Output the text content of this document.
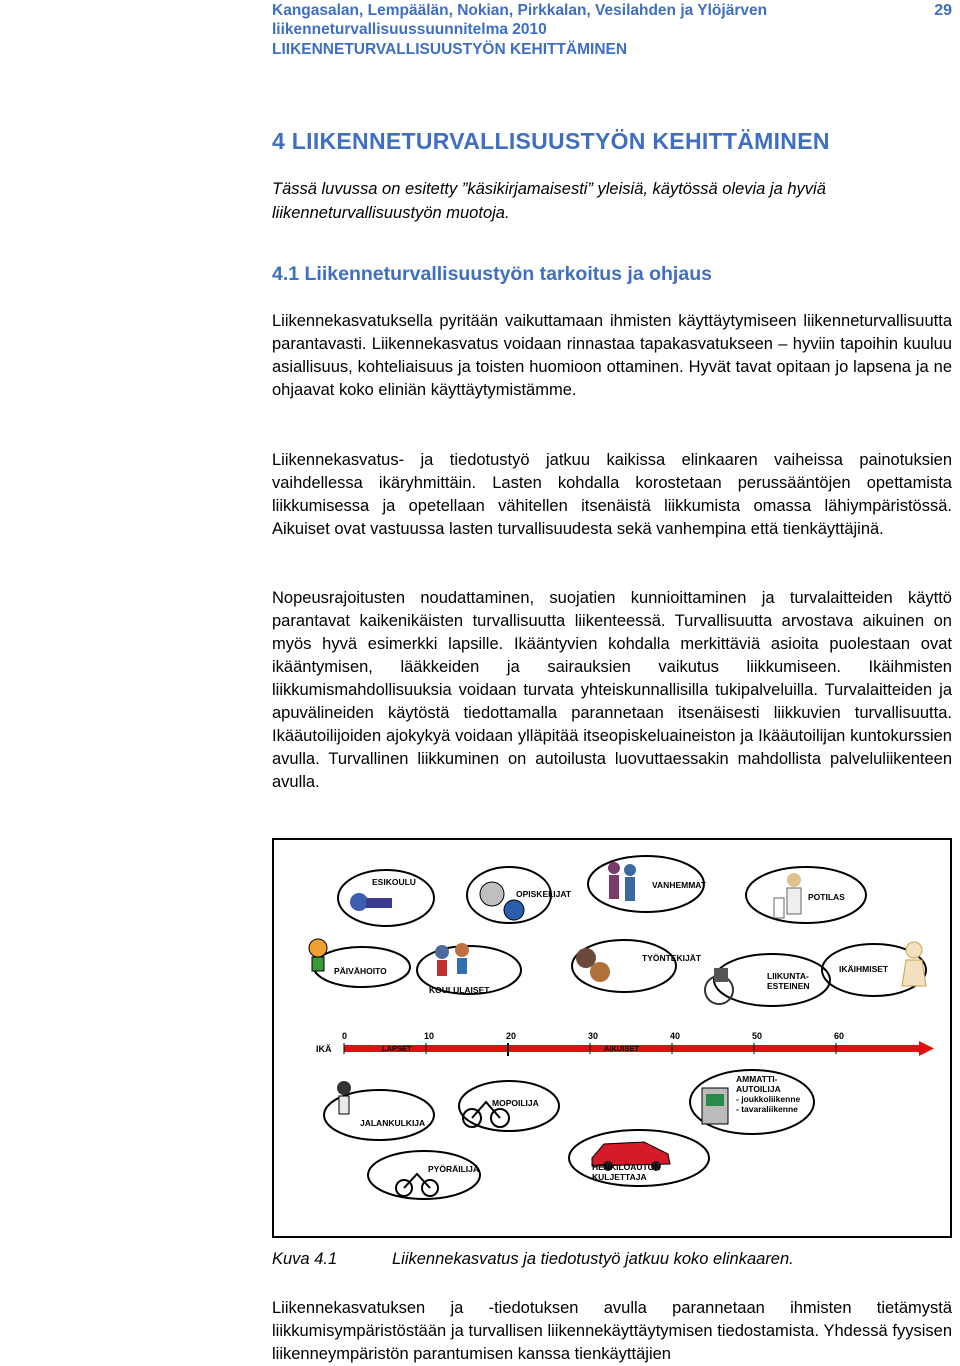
Kangasalan, Lempäälän, Nokian, Pirkkalan, Vesilahden ja Ylöjärven
liikenneturvallisuussuunnitelma 2010
LIIKENNETURVALLISUUSTYÖN KEHITTÄMINEN
29
4 LIIKENNETURVALLISUUSTYÖN KEHITTÄMINEN
Tässä luvussa on esitetty ”käsikirjamaisesti” yleisiä, käytössä olevia ja hyviä liikenneturvallisuustyön muotoja.
4.1 Liikenneturvallisuustyön tarkoitus ja ohjaus
Liikennekasvatuksella pyritään vaikuttamaan ihmisten käyttäytymiseen liikenneturvallisuutta parantavasti. Liikennekasvatus voidaan rinnastaa tapakasvatukseen – hyviin tapoihin kuuluu asiallisuus, kohteliaisuus ja toisten huomioon ottaminen. Hyvät tavat opitaan jo lapsena ja ne ohjaavat koko eliniän käyttäytymistämme.
Liikennekasvatus- ja tiedotustyö jatkuu kaikissa elinkaaren vaiheissa painotuksien vaihdellessa ikäryhmittäin. Lasten kohdalla korostetaan perussääntöjen opettamista liikkumisessa ja opetellaan vähitellen itsenäistä liikkumista omassa lähiympäristössä. Aikuiset ovat vastuussa lasten turvallisuudesta sekä vanhempina että tienkäyttäjinä.
Nopeusrajoitusten noudattaminen, suojatien kunnioittaminen ja turvalaitteiden käyttö parantavat kaikenikäisten turvallisuutta liikenteessä. Turvallisuutta arvostava aikuinen on myös hyvä esimerkki lapsille. Ikääntyvien kohdalla merkittäviä asioita puolestaan ovat ikääntymisen, lääkkeiden ja sairauksien vaikutus liikkumiseen. Ikäihmisten liikkumismahdollisuuksia voidaan turvata yhteiskunnallisilla tukipalveluilla. Turvalaitteiden ja apuvälineiden käytöstä tiedottamalla parannetaan itsenäisesti liikkuvien turvallisuutta. Ikääutoilijoiden ajokykyä voidaan ylläpitää itseopiskeluaineiston ja Ikääutoilijan kuntokurssien avulla. Turvallinen liikkuminen on autoilusta luovuttaessakin mahdollista palveluliikenteen avulla.
ESIKOULU
OPISKELIJAT
VANHEMMAT
POTILAS
PÄIVÄHOITO
KOULULAISET
TYÖNTEKIJÄT
LIIKUNTA-
ESTEINEN
IKÄIHMISET
IKÄ
0	10	20	30	40	50	60
LAPSET	AIKUISET
JALANKULKIJA
MOPOILIJA
AMMATTI-
AUTOILIJA
- joukkoliikenne
- tavaraliikenne
PYÖRÄILIJÄ	HENKILÖAUTON
KULJETTAJA
Kuva 4.1	Liikennekasvatus ja tiedotustyö jatkuu koko elinkaaren.
Liikennekasvatuksen ja -tiedotuksen avulla parannetaan ihmisten tietämystä liikkumisympäristöstään ja turvallisen liikennekäyttäytymisen tiedostamista. Yhdessä fyysisen liikenneympäristön parantumisen kanssa tienkäyttäjien
